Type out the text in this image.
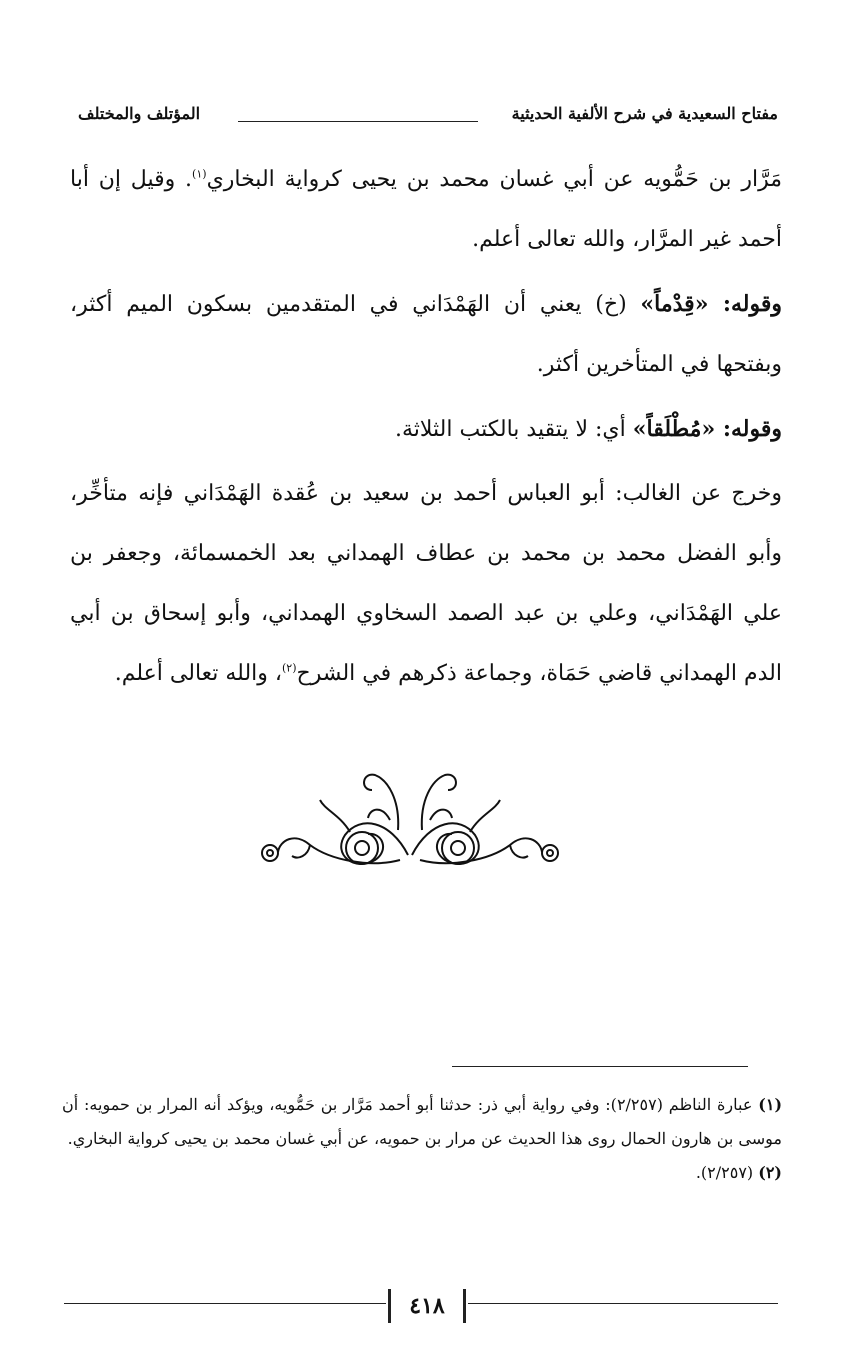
مفتاح السعيدية في شرح الألفية الحديثية
المؤتلف والمختلف

مَرَّار بن حَمُّويه عن أبي غسان محمد بن يحيى كرواية البخاري$^{(١)}$. وقيل إن أبا أحمد غير المرَّار، والله تعالى أعلم.

وقوله: «قِدْماً» (خ) يعني أن الهَمْدَاني في المتقدمين بسكون الميم أكثر، وبفتحها في المتأخرين أكثر.

وقوله: «مُطْلَقاً» أي: لا يتقيد بالكتب الثلاثة.

وخرج عن الغالب: أبو العباس أحمد بن سعيد بن عُقدة الهَمْدَاني فإنه متأخِّر، وأبو الفضل محمد بن محمد بن عطاف الهمداني بعد الخمسمائة، وجعفر بن علي الهَمْدَاني، وعلي بن عبد الصمد السخاوي الهمداني، وأبو إسحاق بن أبي الدم الهمداني قاضي حَمَاة، وجماعة ذكرهم في الشرح$^{(٢)}$، والله تعالى أعلم.

(١) عبارة الناظم (٢/٢٥٧): وفي رواية أبي ذر: حدثنا أبو أحمد مَرَّار بن حَمُّويه، ويؤكد أنه المرار بن حمويه: أن موسى بن هارون الحمال روى هذا الحديث عن مرار بن حمويه، عن أبي غسان محمد بن يحيى كرواية البخاري.

(٢) (٢/٢٥٧).

٤١٨
